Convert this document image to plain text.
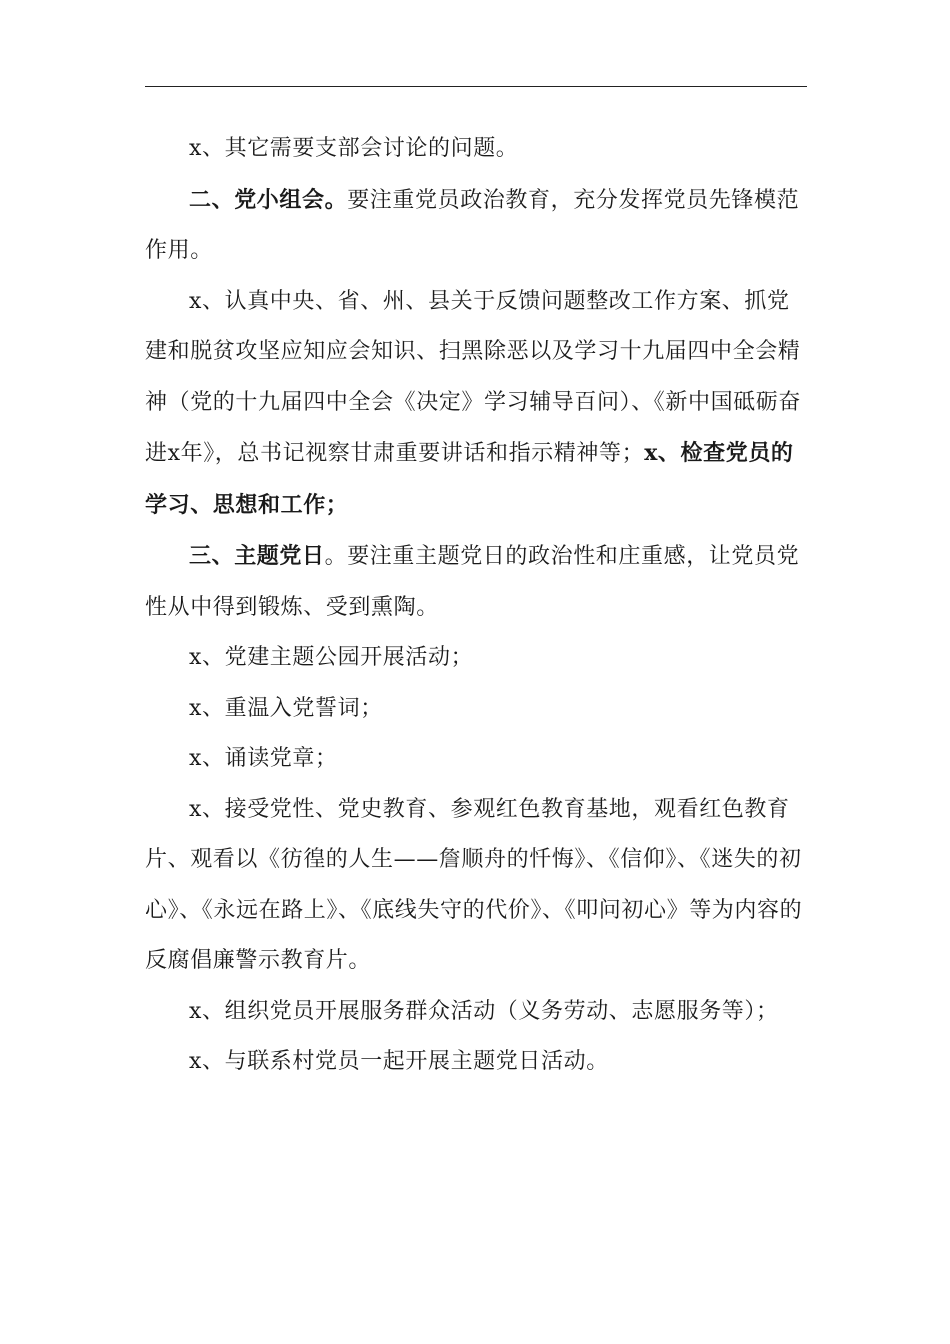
x、其它需要支部会讨论的问题。

二、党小组会。要注重党员政治教育，充分发挥党员先锋模范作用。

x、认真中央、省、州、县关于反馈问题整改工作方案、抓党建和脱贫攻坚应知应会知识、扫黑除恶以及学习十九届四中全会精神（党的十九届四中全会《决定》学习辅导百问）、《新中国砥砺奋进x年》，总书记视察甘肃重要讲话和指示精神等；x、检查党员的学习、思想和工作；

三、主题党日。要注重主题党日的政治性和庄重感，让党员党性从中得到锻炼、受到熏陶。

x、党建主题公园开展活动；

x、重温入党誓词；

x、诵读党章；

x、接受党性、党史教育、参观红色教育基地，观看红色教育片、观看以《彷徨的人生——詹顺舟的忏悔》、《信仰》、《迷失的初心》、《永远在路上》、《底线失守的代价》、《叩问初心》等为内容的反腐倡廉警示教育片。

x、组织党员开展服务群众活动（义务劳动、志愿服务等）；

x、与联系村党员一起开展主题党日活动。
